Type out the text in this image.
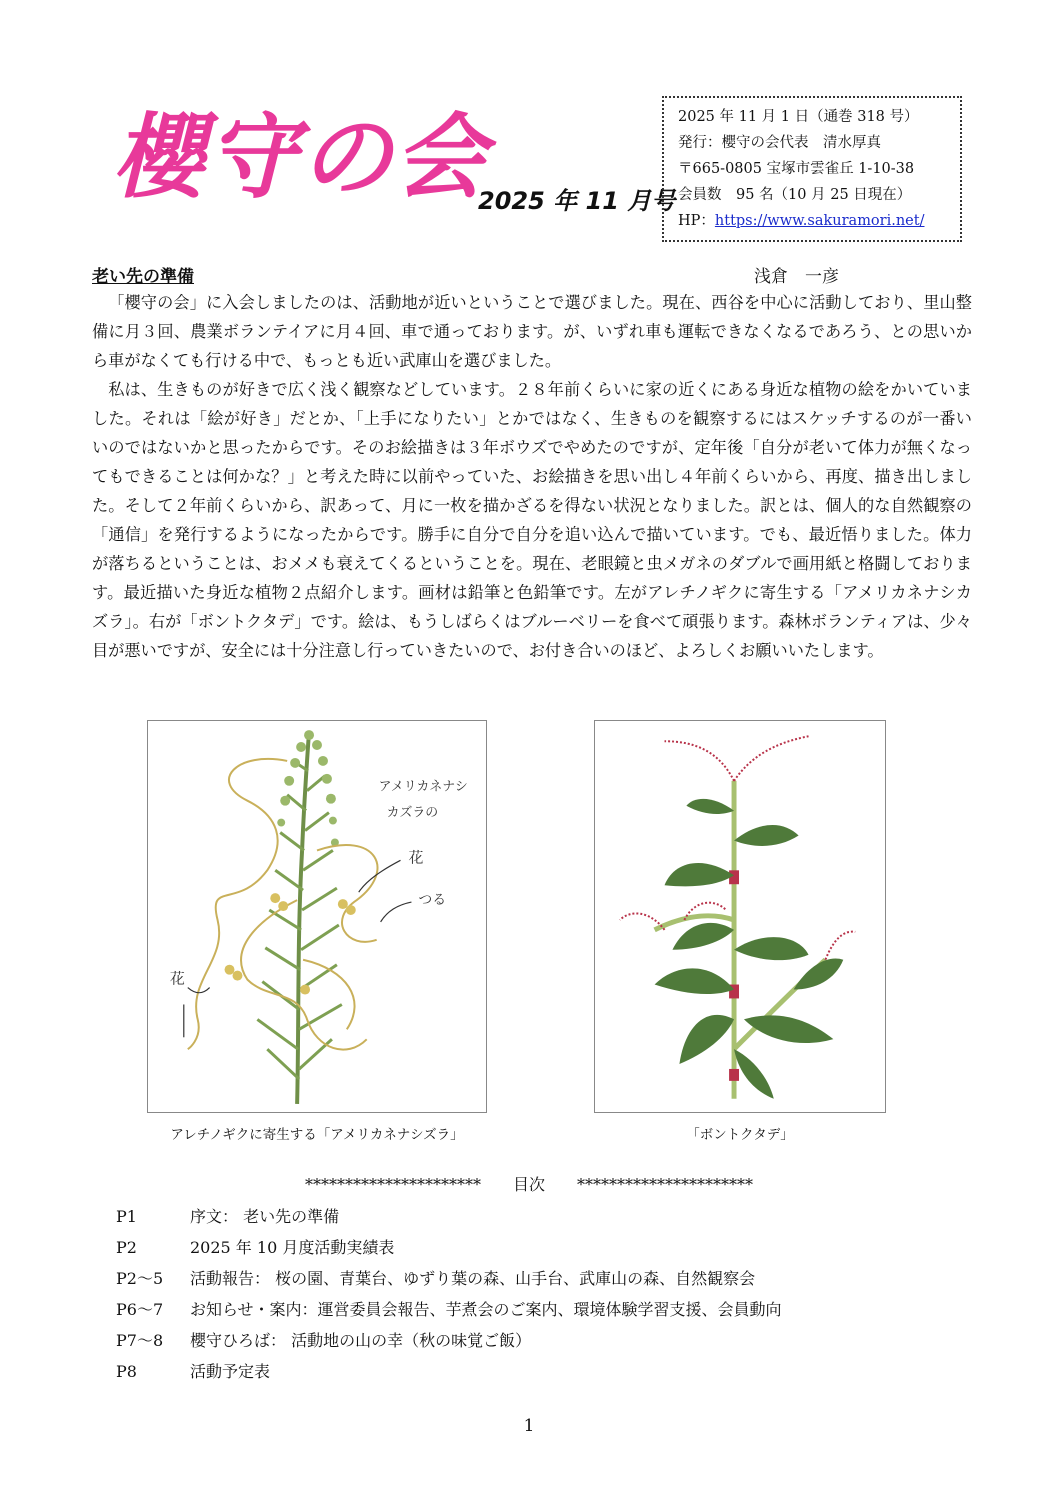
櫻守の会
2025 年 11 月号
2025 年 11 月 1 日（通巻 318 号）
発行：櫻守の会代表　清水厚真
〒665-0805 宝塚市雲雀丘 1-10-38
会員数　95 名（10 月 25 日現在）
HP：https://www.sakuramori.net/
老い先の準備	浅倉　一彦

「櫻守の会」に入会しましたのは、活動地が近いということで選びました。現在、西谷を中心に活動しており、里山整備に月３回、農業ボランテイアに月４回、車で通っております。が、いずれ車も運転できなくなるであろう、との思いから車がなくても行ける中で、もっとも近い武庫山を選びました。

私は、生きものが好きで広く浅く観察などしています。２８年前くらいに家の近くにある身近な植物の絵をかいていました。それは「絵が好き」だとか、「上手になりたい」とかではなく、生きものを観察するにはスケッチするのが一番いいのではないかと思ったからです。そのお絵描きは３年ボウズでやめたのですが、定年後「自分が老いて体力が無くなってもできることは何かな？」と考えた時に以前やっていた、お絵描きを思い出し４年前くらいから、再度、描き出しました。そして２年前くらいから、訳あって、月に一枚を描かざるを得ない状況となりました。訳とは、個人的な自然観察の「通信」を発行するようになったからです。勝手に自分で自分を追い込んで描いています。でも、最近悟りました。体力が落ちるということは、おメメも衰えてくるということを。現在、老眼鏡と虫メガネのダブルで画用紙と格闘しております。最近描いた身近な植物２点紹介します。画材は鉛筆と色鉛筆です。左がアレチノギクに寄生する「アメリカネナシカズラ」。右が「ボントクタデ」です。絵は、もうしばらくはブルーベリーを食べて頑張ります。森林ボランティアは、少々目が悪いですが、安全には十分注意し行っていきたいので、お付き合いのほど、よろしくお願いいたします。

アメリカネナシ
カズラの
花
つる
花
アレチノギクに寄生する「アメリカネナシズラ」	「ボントクタデ」
**********************　　目次　　**********************
P1	序文： 老い先の準備
P2	2025 年 10 月度活動実績表
P2～5	活動報告： 桜の園、青葉台、ゆずり葉の森、山手台、武庫山の森、自然観察会
P6～7	お知らせ・案内：運営委員会報告、芋煮会のご案内、環境体験学習支援、会員動向
P7～8	櫻守ひろば： 活動地の山の幸（秋の味覚ご飯）
P8	活動予定表
1
